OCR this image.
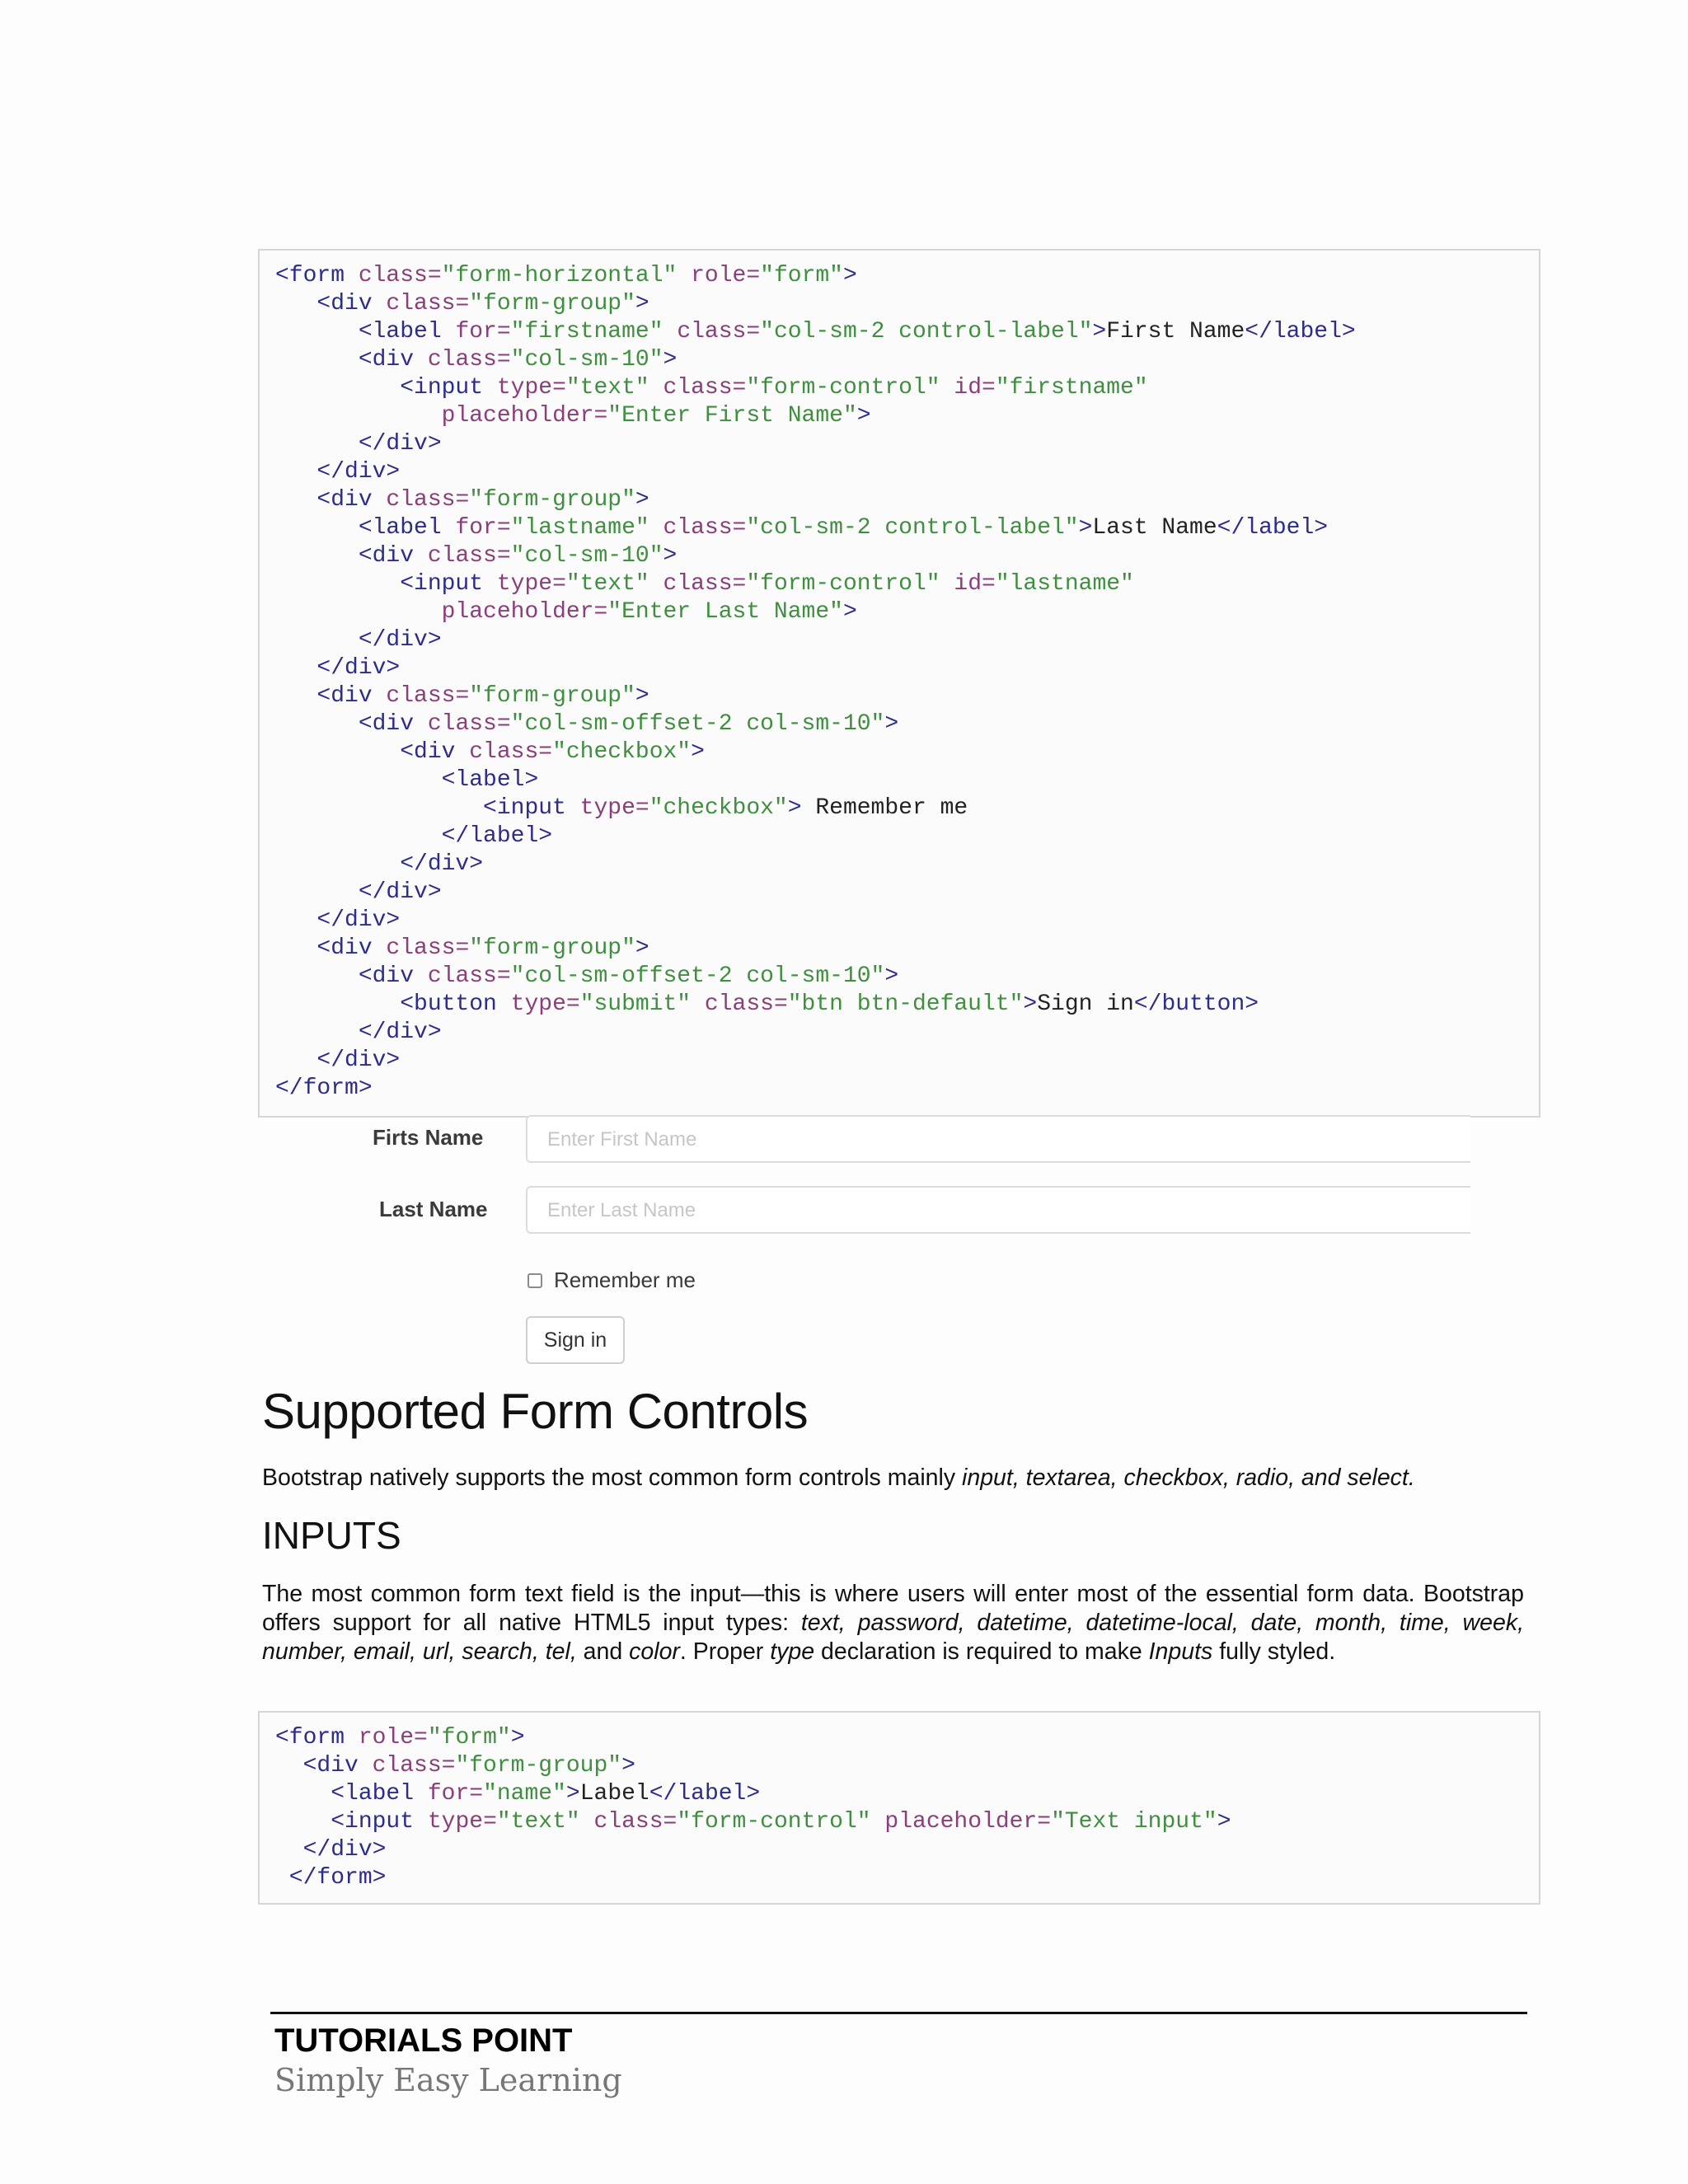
<form class="form-horizontal" role="form">
<div class="form-group">
<label for="firstname" class="col-sm-2 control-label">First Name</label>
<div class="col-sm-10">
<input type="text" class="form-control" id="firstname"
placeholder="Enter First Name">
</div>
</div>
<div class="form-group">
<label for="lastname" class="col-sm-2 control-label">Last Name</label>
<div class="col-sm-10">
<input type="text" class="form-control" id="lastname"
placeholder="Enter Last Name">
</div>
</div>
<div class="form-group">
<div class="col-sm-offset-2 col-sm-10">
<div class="checkbox">
<label>
<input type="checkbox"> Remember me
</label>
</div>
</div>
</div>
<div class="form-group">
<div class="col-sm-offset-2 col-sm-10">
<button type="submit" class="btn btn-default">Sign in</button>
</div>
</div>
</form>
Firts Name	Enter First Name
Last Name	Enter Last Name
Remember me
Sign in
Supported Form Controls

Bootstrap natively supports the most common form controls mainly input, textarea, checkbox, radio, and select.

INPUTS

The most common form text field is the input—this is where users will enter most of the essential form data. Bootstrap offers support for all native HTML5 input types: text, password, datetime, datetime-local, date, month, time, week, number, email, url, search, tel, and color. Proper type declaration is required to make Inputs fully styled.

<form role="form">
<div class="form-group">
<label for="name">Label</label>
<input type="text" class="form-control" placeholder="Text input">
</div>
</form>
TUTORIALS POINT
Simply Easy Learning
